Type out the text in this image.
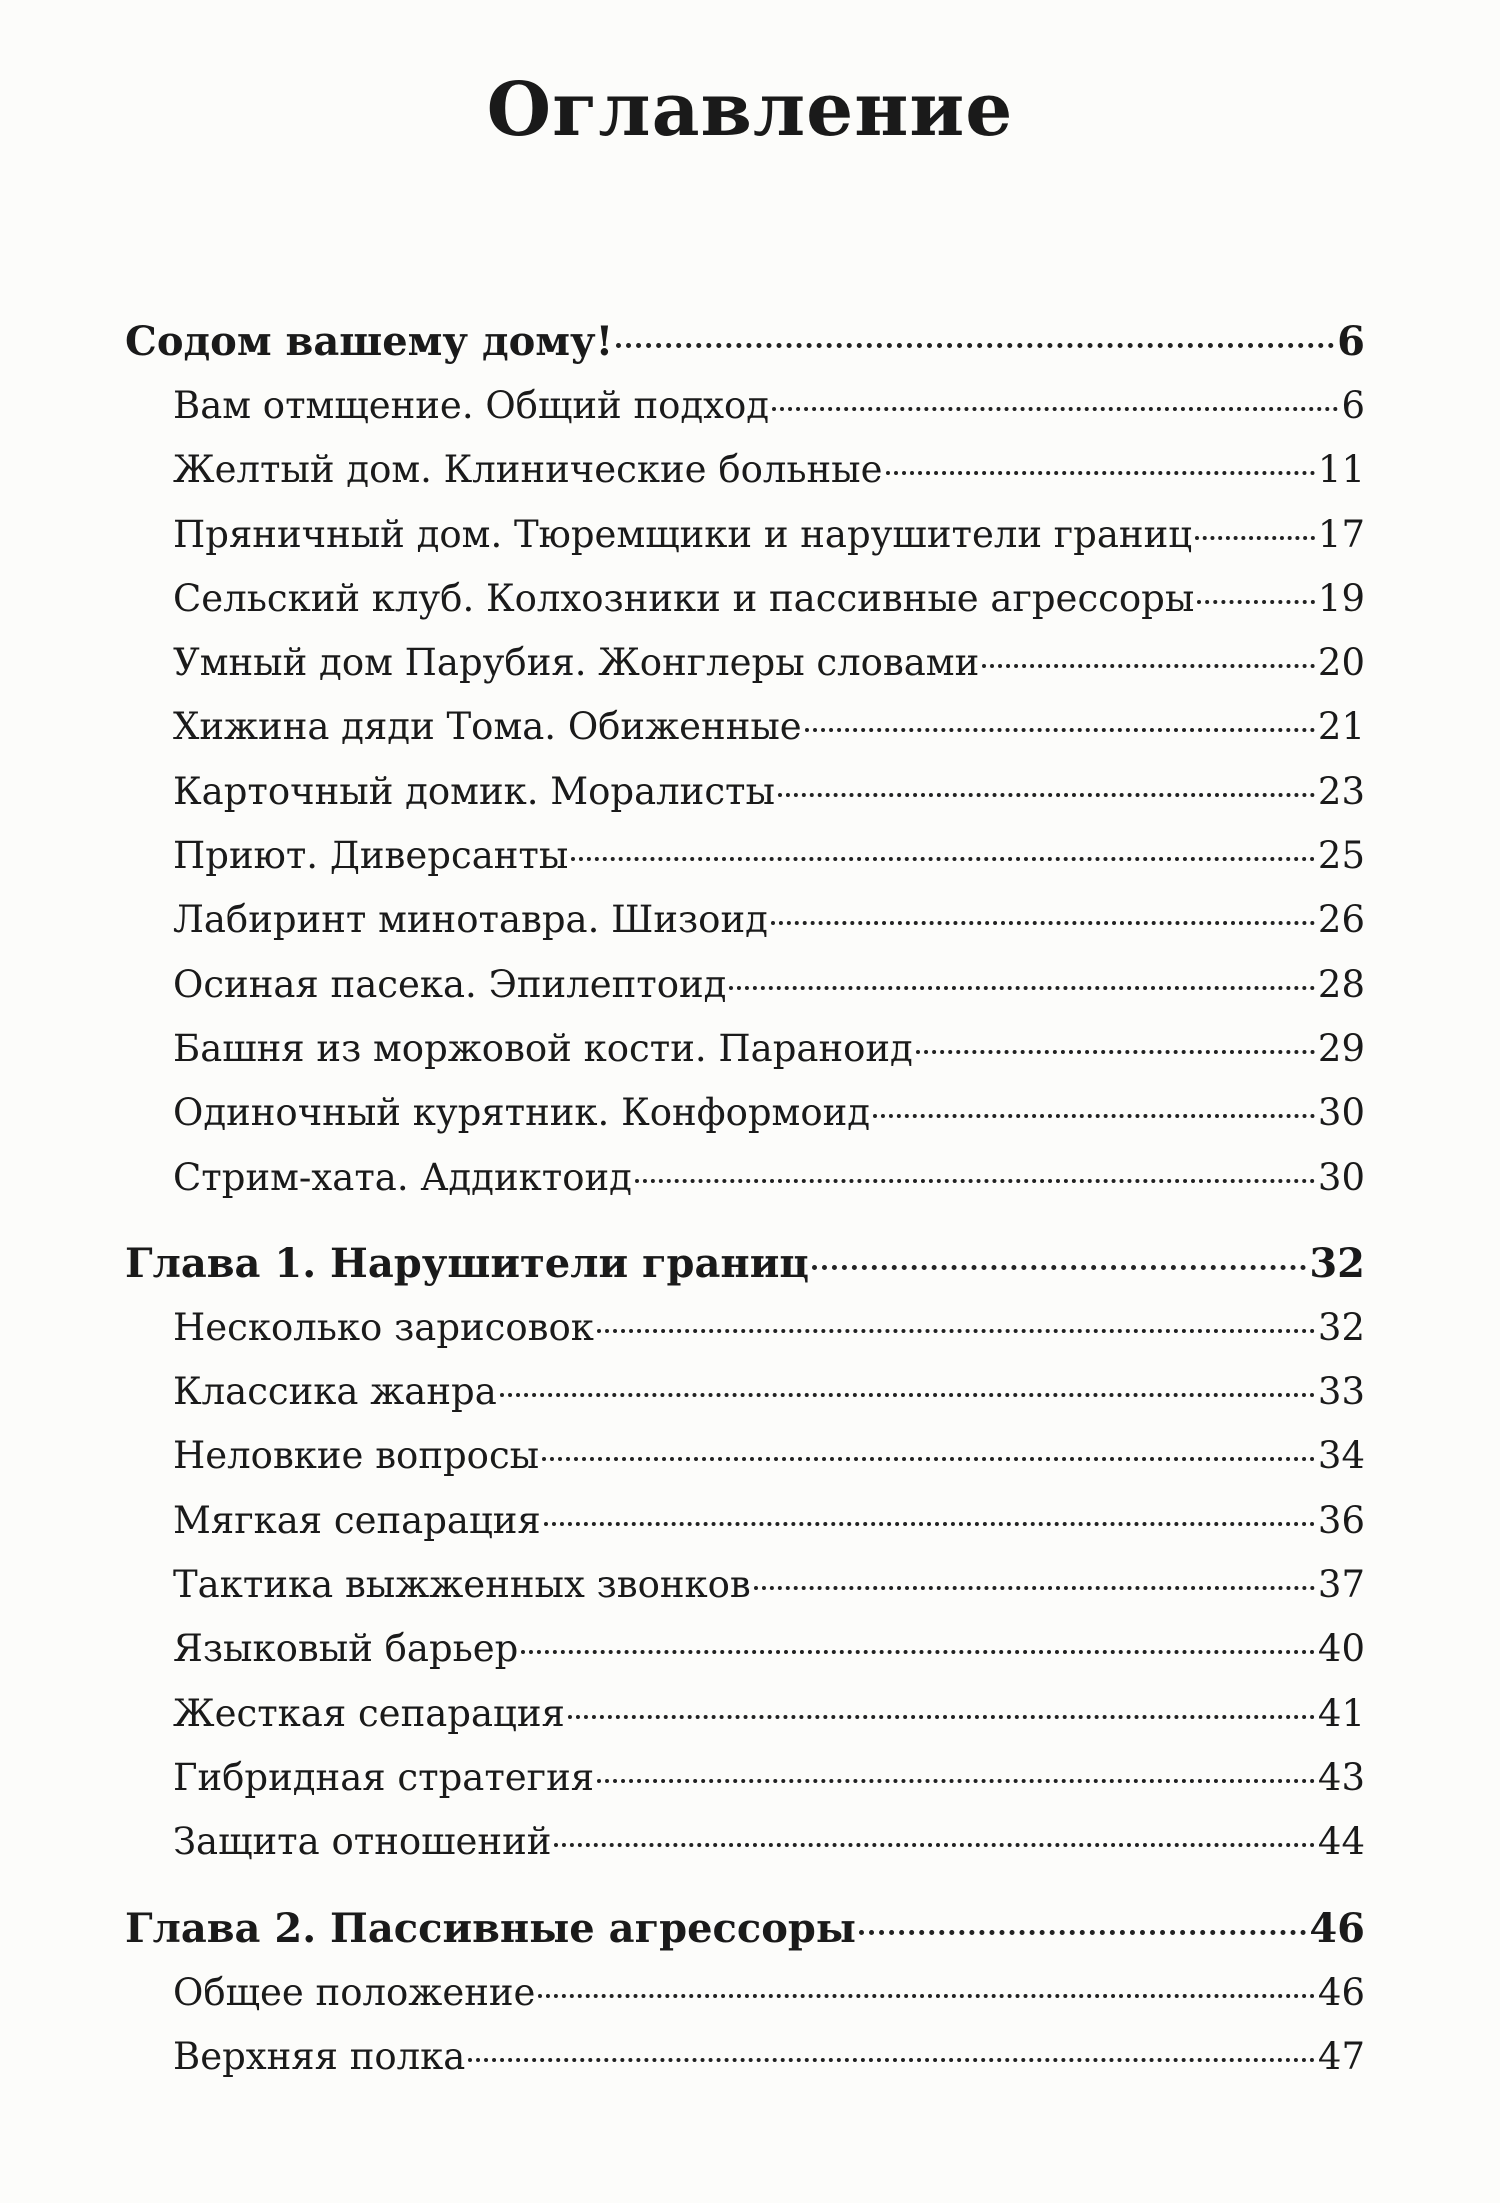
Оглавление
Содом вашему дому!	6
Вам отмщение. Общий подход	6
Желтый дом. Клинические больные	11
Пряничный дом. Тюремщики и нарушители границ	17
Сельский клуб. Колхозники и пассивные агрессоры	19
Умный дом Парубия. Жонглеры словами	20
Хижина дяди Тома. Обиженные	21
Карточный домик. Моралисты	23
Приют. Диверсанты	25
Лабиринт минотавра. Шизоид	26
Осиная пасека. Эпилептоид	28
Башня из моржовой кости. Параноид	29
Одиночный курятник. Конформоид	30
Стрим-хата. Аддиктоид	30
Глава 1. Нарушители границ	32
Несколько зарисовок	32
Классика жанра	33
Неловкие вопросы	34
Мягкая сепарация	36
Тактика выжженных звонков	37
Языковый барьер	40
Жесткая сепарация	41
Гибридная стратегия	43
Защита отношений	44
Глава 2. Пассивные агрессоры	46
Общее положение	46
Верхняя полка	47
